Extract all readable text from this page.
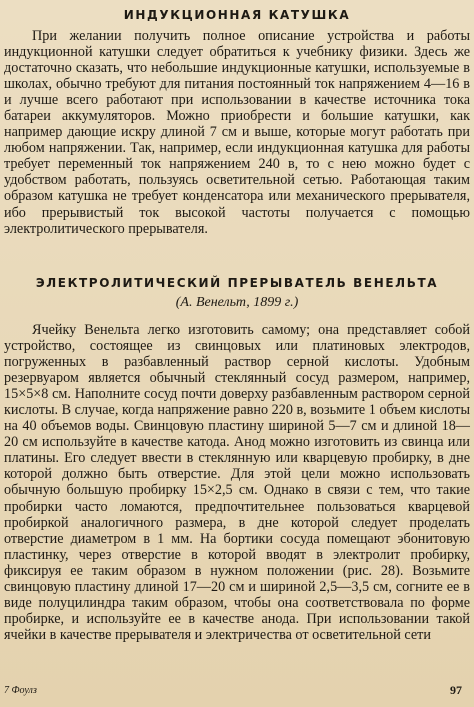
ИНДУКЦИОННАЯ КАТУШКА

При желании получить полное описание устройства и работы индукционной катушки следует обратиться к учебнику физики. Здесь же достаточно сказать, что небольшие индукционные катушки, используемые в школах, обычно требуют для питания постоянный ток напряжением 4—16 в и лучше всего работают при использовании в качестве источника тока батареи аккумуляторов. Можно приобрести и большие катушки, как например дающие искру длиной 7 см и выше, которые могут работать при любом напряжении. Так, например, если индукционная катушка для работы требует переменный ток напряжением 240 в, то с нею можно будет с удобством работать, пользуясь осветительной сетью. Работающая таким образом катушка не требует конденсатора или механического прерывателя, ибо прерывистый ток высокой частоты получается с помощью электролитического прерывателя.

ЭЛЕКТРОЛИТИЧЕСКИЙ ПРЕРЫВАТЕЛЬ ВЕНЕЛЬТА

(А. Венельт, 1899 г.)

Ячейку Венельта легко изготовить самому; она представляет собой устройство, состоящее из свинцовых или платиновых электродов, погруженных в разбавленный раствор серной кислоты. Удобным резервуаром является обычный стеклянный сосуд размером, например, 15×5×8 см. Наполните сосуд почти доверху разбавленным раствором серной кислоты. В случае, когда напряжение равно 220 в, возьмите 1 объем кислоты на 40 объемов воды. Свинцовую пластину шириной 5—7 см и длиной 18—20 см используйте в качестве катода. Анод можно изготовить из свинца или платины. Его следует ввести в стеклянную или кварцевую пробирку, в дне которой должно быть отверстие. Для этой цели можно использовать обычную большую пробирку 15×2,5 см. Однако в связи с тем, что такие пробирки часто ломаются, предпочтительнее пользоваться кварцевой пробиркой аналогичного размера, в дне которой следует проделать отверстие диаметром в 1 мм. На бортики сосуда помещают эбонитовую пластинку, через отверстие в которой вводят в электролит пробирку, фиксируя ее таким образом в нужном положении (рис. 28). Возьмите свинцовую пластину длиной 17—20 см и шириной 2,5—3,5 см, согните ее в виде полуцилиндра таким образом, чтобы она соответствовала по форме пробирке, и используйте ее в качестве анода. При использовании такой ячейки в качестве прерывателя и электричества от осветительной сети

7 Фоулз	97
